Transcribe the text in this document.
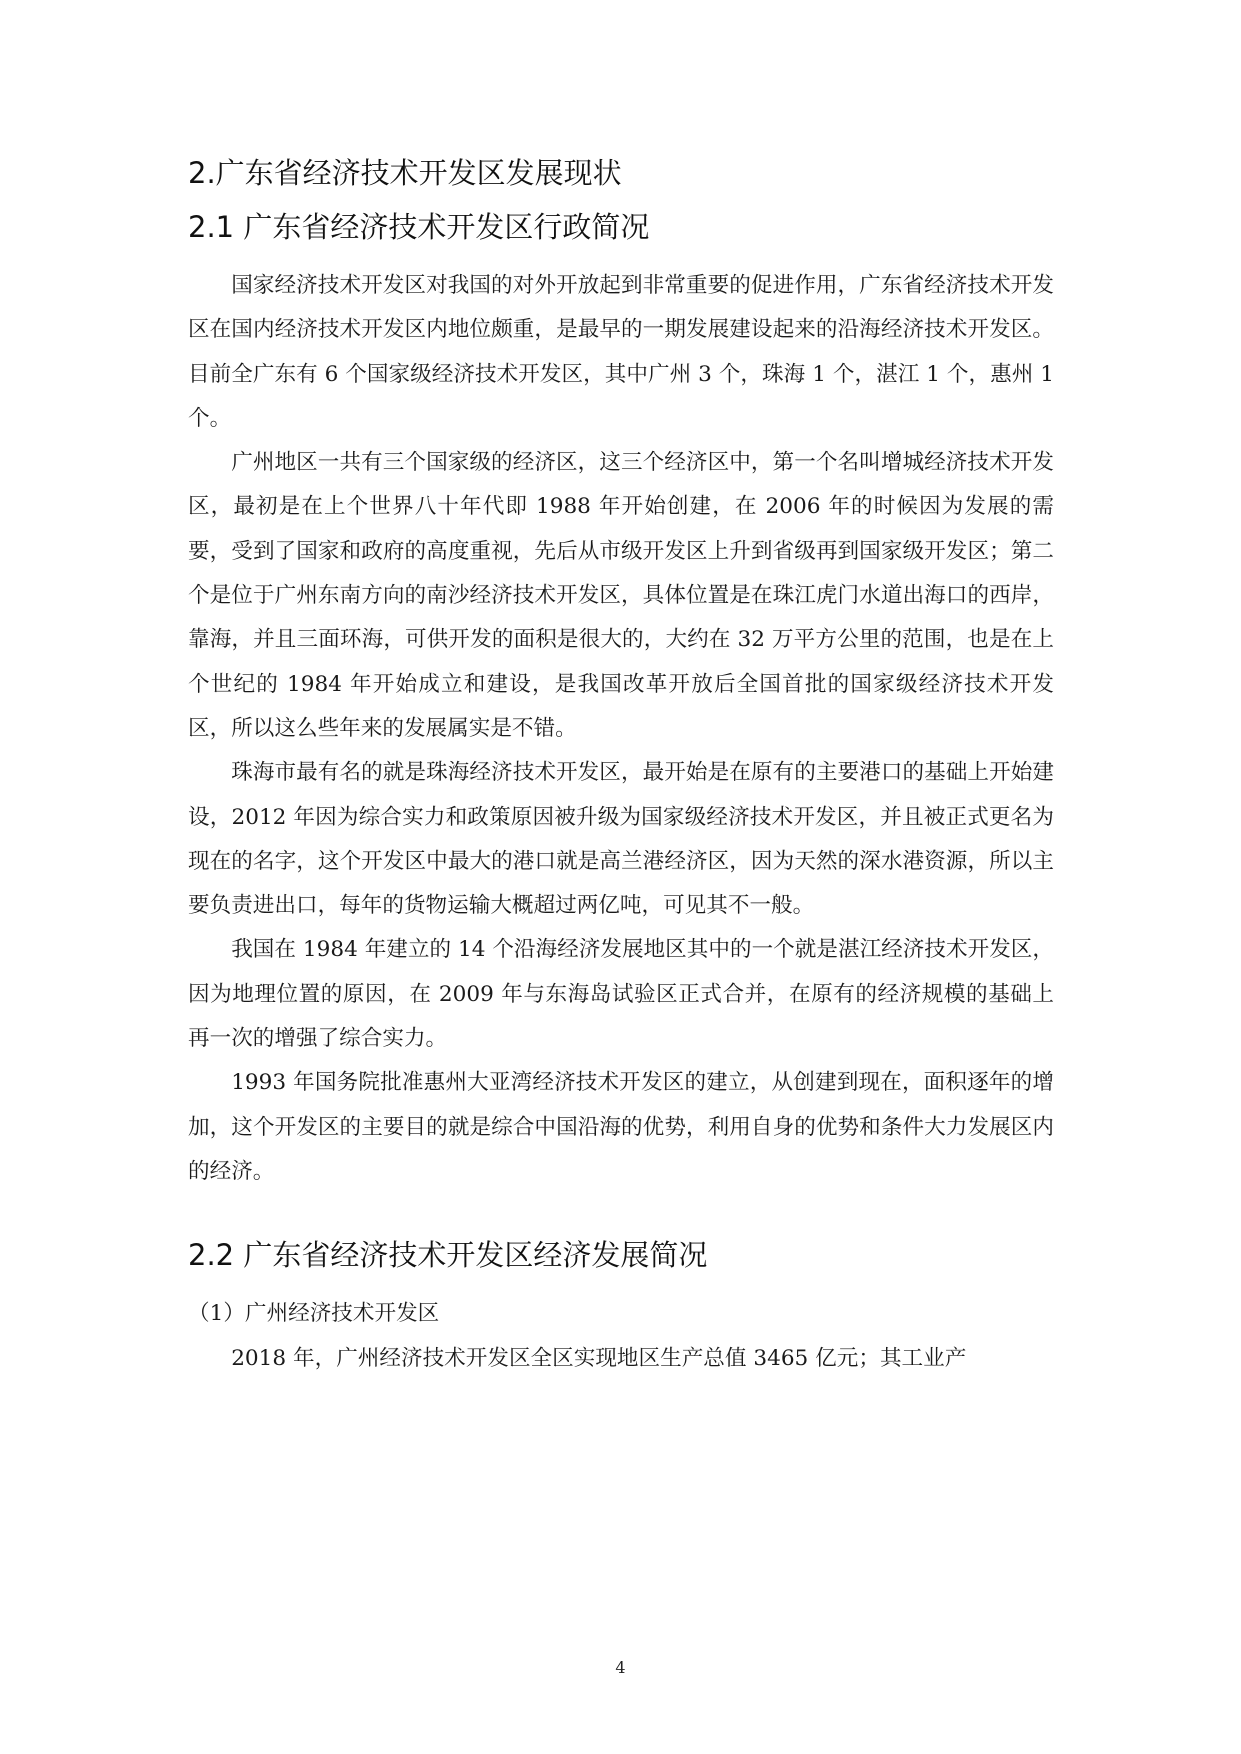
2.广东省经济技术开发区发展现状
2.1 广东省经济技术开发区行政简况

国家经济技术开发区对我国的对外开放起到非常重要的促进作用，广东省经济技术开发区在国内经济技术开发区内地位颇重，是最早的一期发展建设起来的沿海经济技术开发区。目前全广东有 6 个国家级经济技术开发区，其中广州 3 个，珠海 1 个，湛江 1 个，惠州 1 个。

广州地区一共有三个国家级的经济区，这三个经济区中，第一个名叫增城经济技术开发区，最初是在上个世界八十年代即 1988 年开始创建，在 2006 年的时候因为发展的需要，受到了国家和政府的高度重视，先后从市级开发区上升到省级再到国家级开发区；第二个是位于广州东南方向的南沙经济技术开发区，具体位置是在珠江虎门水道出海口的西岸，靠海，并且三面环海，可供开发的面积是很大的，大约在 32 万平方公里的范围，也是在上个世纪的 1984 年开始成立和建设，是我国改革开放后全国首批的国家级经济技术开发区，所以这么些年来的发展属实是不错。

珠海市最有名的就是珠海经济技术开发区，最开始是在原有的主要港口的基础上开始建设，2012 年因为综合实力和政策原因被升级为国家级经济技术开发区，并且被正式更名为现在的名字，这个开发区中最大的港口就是高兰港经济区，因为天然的深水港资源，所以主要负责进出口，每年的货物运输大概超过两亿吨，可见其不一般。

我国在 1984 年建立的 14 个沿海经济发展地区其中的一个就是湛江经济技术开发区，因为地理位置的原因，在 2009 年与东海岛试验区正式合并，在原有的经济规模的基础上再一次的增强了综合实力。

1993 年国务院批准惠州大亚湾经济技术开发区的建立，从创建到现在，面积逐年的增加，这个开发区的主要目的就是综合中国沿海的优势，利用自身的优势和条件大力发展区内的经济。

2.2 广东省经济技术开发区经济发展简况
（1）广州经济技术开发区

2018 年，广州经济技术开发区全区实现地区生产总值 3465 亿元；其工业产

4
